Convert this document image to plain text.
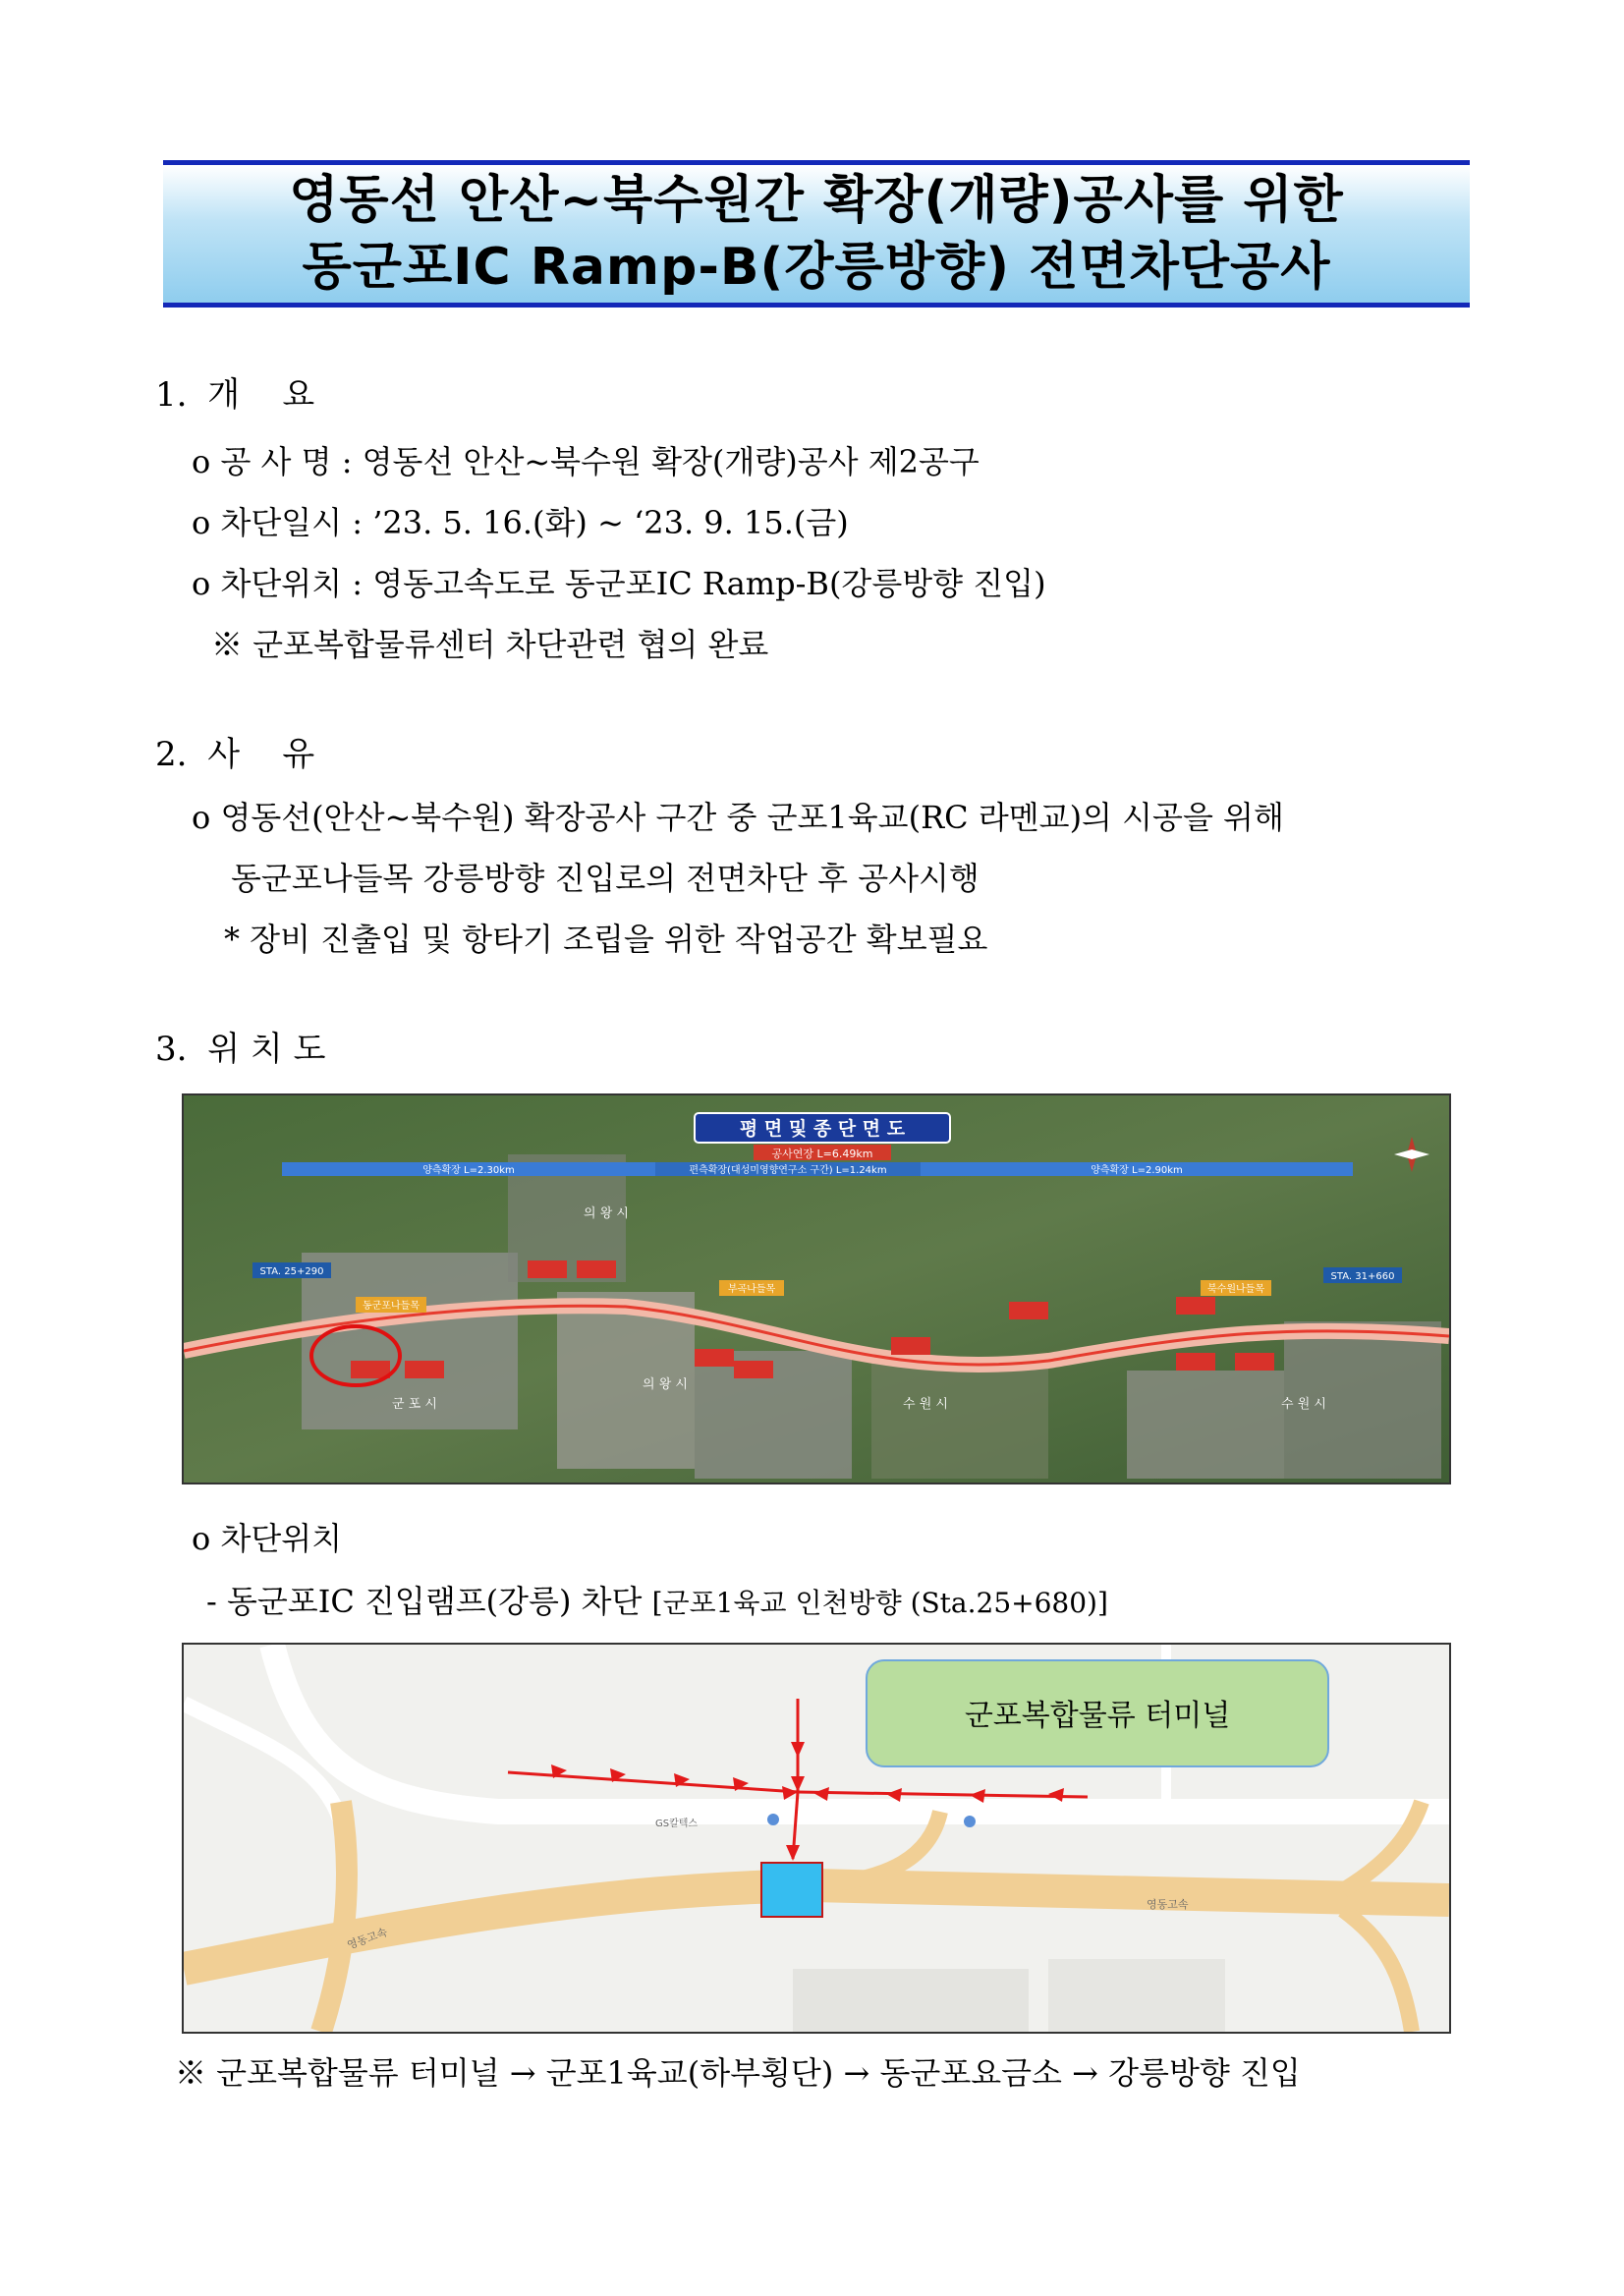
영동선 안산~북수원간 확장(개량)공사를 위한
동군포IC Ramp-B(강릉방향) 전면차단공사
1. 개    요
o 공 사 명 : 영동선 안산~북수원 확장(개량)공사 제2공구
o 차단일시 : ’23. 5. 16.(화) ~ ‘23. 9. 15.(금)
o 차단위치 : 영동고속도로 동군포IC Ramp-B(강릉방향 진입)
※ 군포복합물류센터 차단관련 협의 완료
2. 사    유
o 영동선(안산~북수원) 확장공사 구간 중 군포1육교(RC 라멘교)의 시공을 위해
동군포나들목 강릉방향 진입로의 전면차단 후 공사시행
* 장비 진출입 및 항타기 조립을 위한 작업공간 확보필요
3. 위 치 도
평 면 및 종 단 면 도
공사연장 L=6.49km
양측확장 L=2.30km	편측확장(대성미영향연구소 구간) L=1.24km	양측확장 L=2.90km
STA. 25+290	STA. 31+660
동군포나들목
부곡나들목	북수원나들목
군 포 시
의 왕 시
의 왕 시
수 원 시	수 원 시
o 차단위치
- 동군포IC 진입램프(강릉) 차단 [군포1육교 인천방향 (Sta.25+680)]
영동고속
영동고속
GS칼텍스
군포복합물류 터미널
※ 군포복합물류 터미널 → 군포1육교(하부횡단) → 동군포요금소 → 강릉방향 진입
